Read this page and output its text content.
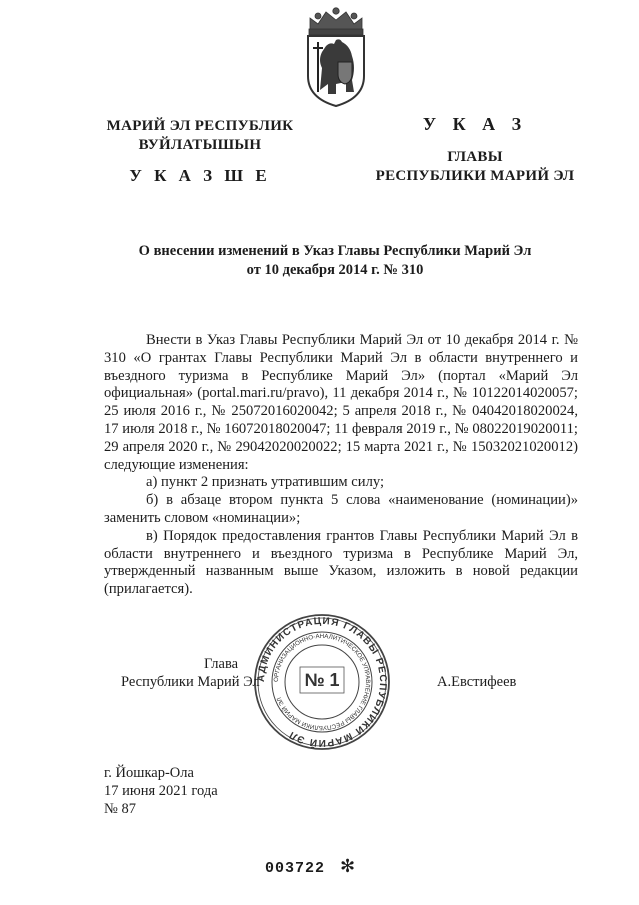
МАРИЙ ЭЛ РЕСПУБЛИК
ВУЙЛАТЫШЫН
У К А З Ш Е
У К А З
ГЛАВЫ
РЕСПУБЛИКИ МАРИЙ ЭЛ
О внесении изменений в Указ Главы Республики Марий Эл
от 10 декабря 2014 г. № 310

Внести в Указ Главы Республики Марий Эл от 10 декабря 2014 г. № 310 «О грантах Главы Республики Марий Эл в области внутреннего и въездного туризма в Республике Марий Эл» (портал «Марий Эл официальная» (portal.mari.ru/pravo), 11 декабря 2014 г., № 10122014020057; 25 июля 2016 г., № 25072016020042; 5 апреля 2018 г., № 04042018020024, 17 июля 2018 г., № 16072018020047; 11 февраля 2019 г., № 08022019020011; 29 апреля 2020 г., № 29042020020022; 15 марта 2021 г., № 15032021020012) следующие изменения:

а) пункт 2 признать утратившим силу;

б) в абзаце втором пункта 5 слова «наименование (номинации)» заменить словом «номинации»;

в) Порядок предоставления грантов Главы Республики Марий Эл в области внутреннего и въездного туризма в Республике Марий Эл, утвержденный названным выше Указом, изложить в новой редакции (прилагается).

АДМИНИСТРАЦИЯ ГЛАВЫ РЕСПУБЛИКИ МАРИЙ ЭЛ
ОРГАНИЗАЦИОННО-АНАЛИТИЧЕСКОЕ УПРАВЛЕНИЕ ГЛАВЫ РЕСПУБЛИКИ МАРИЙ ЭЛ
№ 1
Глава
Республики Марий Эл	А.Евстифеев
г. Йошкар-Ола
17 июня 2021 года
№ 87
003722 ✻
